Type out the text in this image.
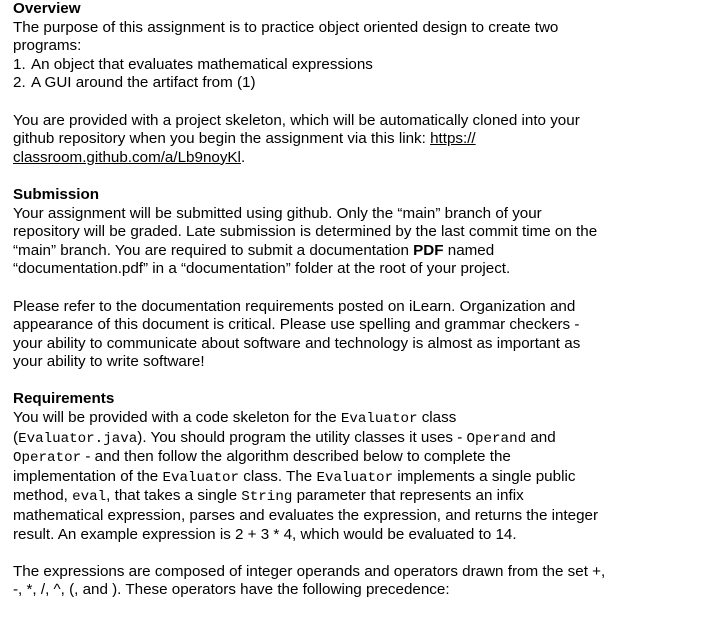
Overview
The purpose of this assignment is to practice object oriented design to create two
programs:
1. An object that evaluates mathematical expressions
2. A GUI around the artifact from (1)
You are provided with a project skeleton, which will be automatically cloned into your
github repository when you begin the assignment via this link: https://
classroom.github.com/a/Lb9noyKl.
Submission
Your assignment will be submitted using github. Only the “main” branch of your
repository will be graded. Late submission is determined by the last commit time on the
“main” branch. You are required to submit a documentation PDF named
“documentation.pdf” in a “documentation” folder at the root of your project.
Please refer to the documentation requirements posted on iLearn. Organization and
appearance of this document is critical. Please use spelling and grammar checkers -
your ability to communicate about software and technology is almost as important as
your ability to write software!
Requirements
You will be provided with a code skeleton for the Evaluator class
(Evaluator.java). You should program the utility classes it uses - Operand and
Operator - and then follow the algorithm described below to complete the
implementation of the Evaluator class. The Evaluator implements a single public
method, eval, that takes a single String parameter that represents an infix
mathematical expression, parses and evaluates the expression, and returns the integer
result. An example expression is 2 + 3 * 4, which would be evaluated to 14.
The expressions are composed of integer operands and operators drawn from the set +,
-, *, /, ^, (, and ). These operators have the following precedence:
